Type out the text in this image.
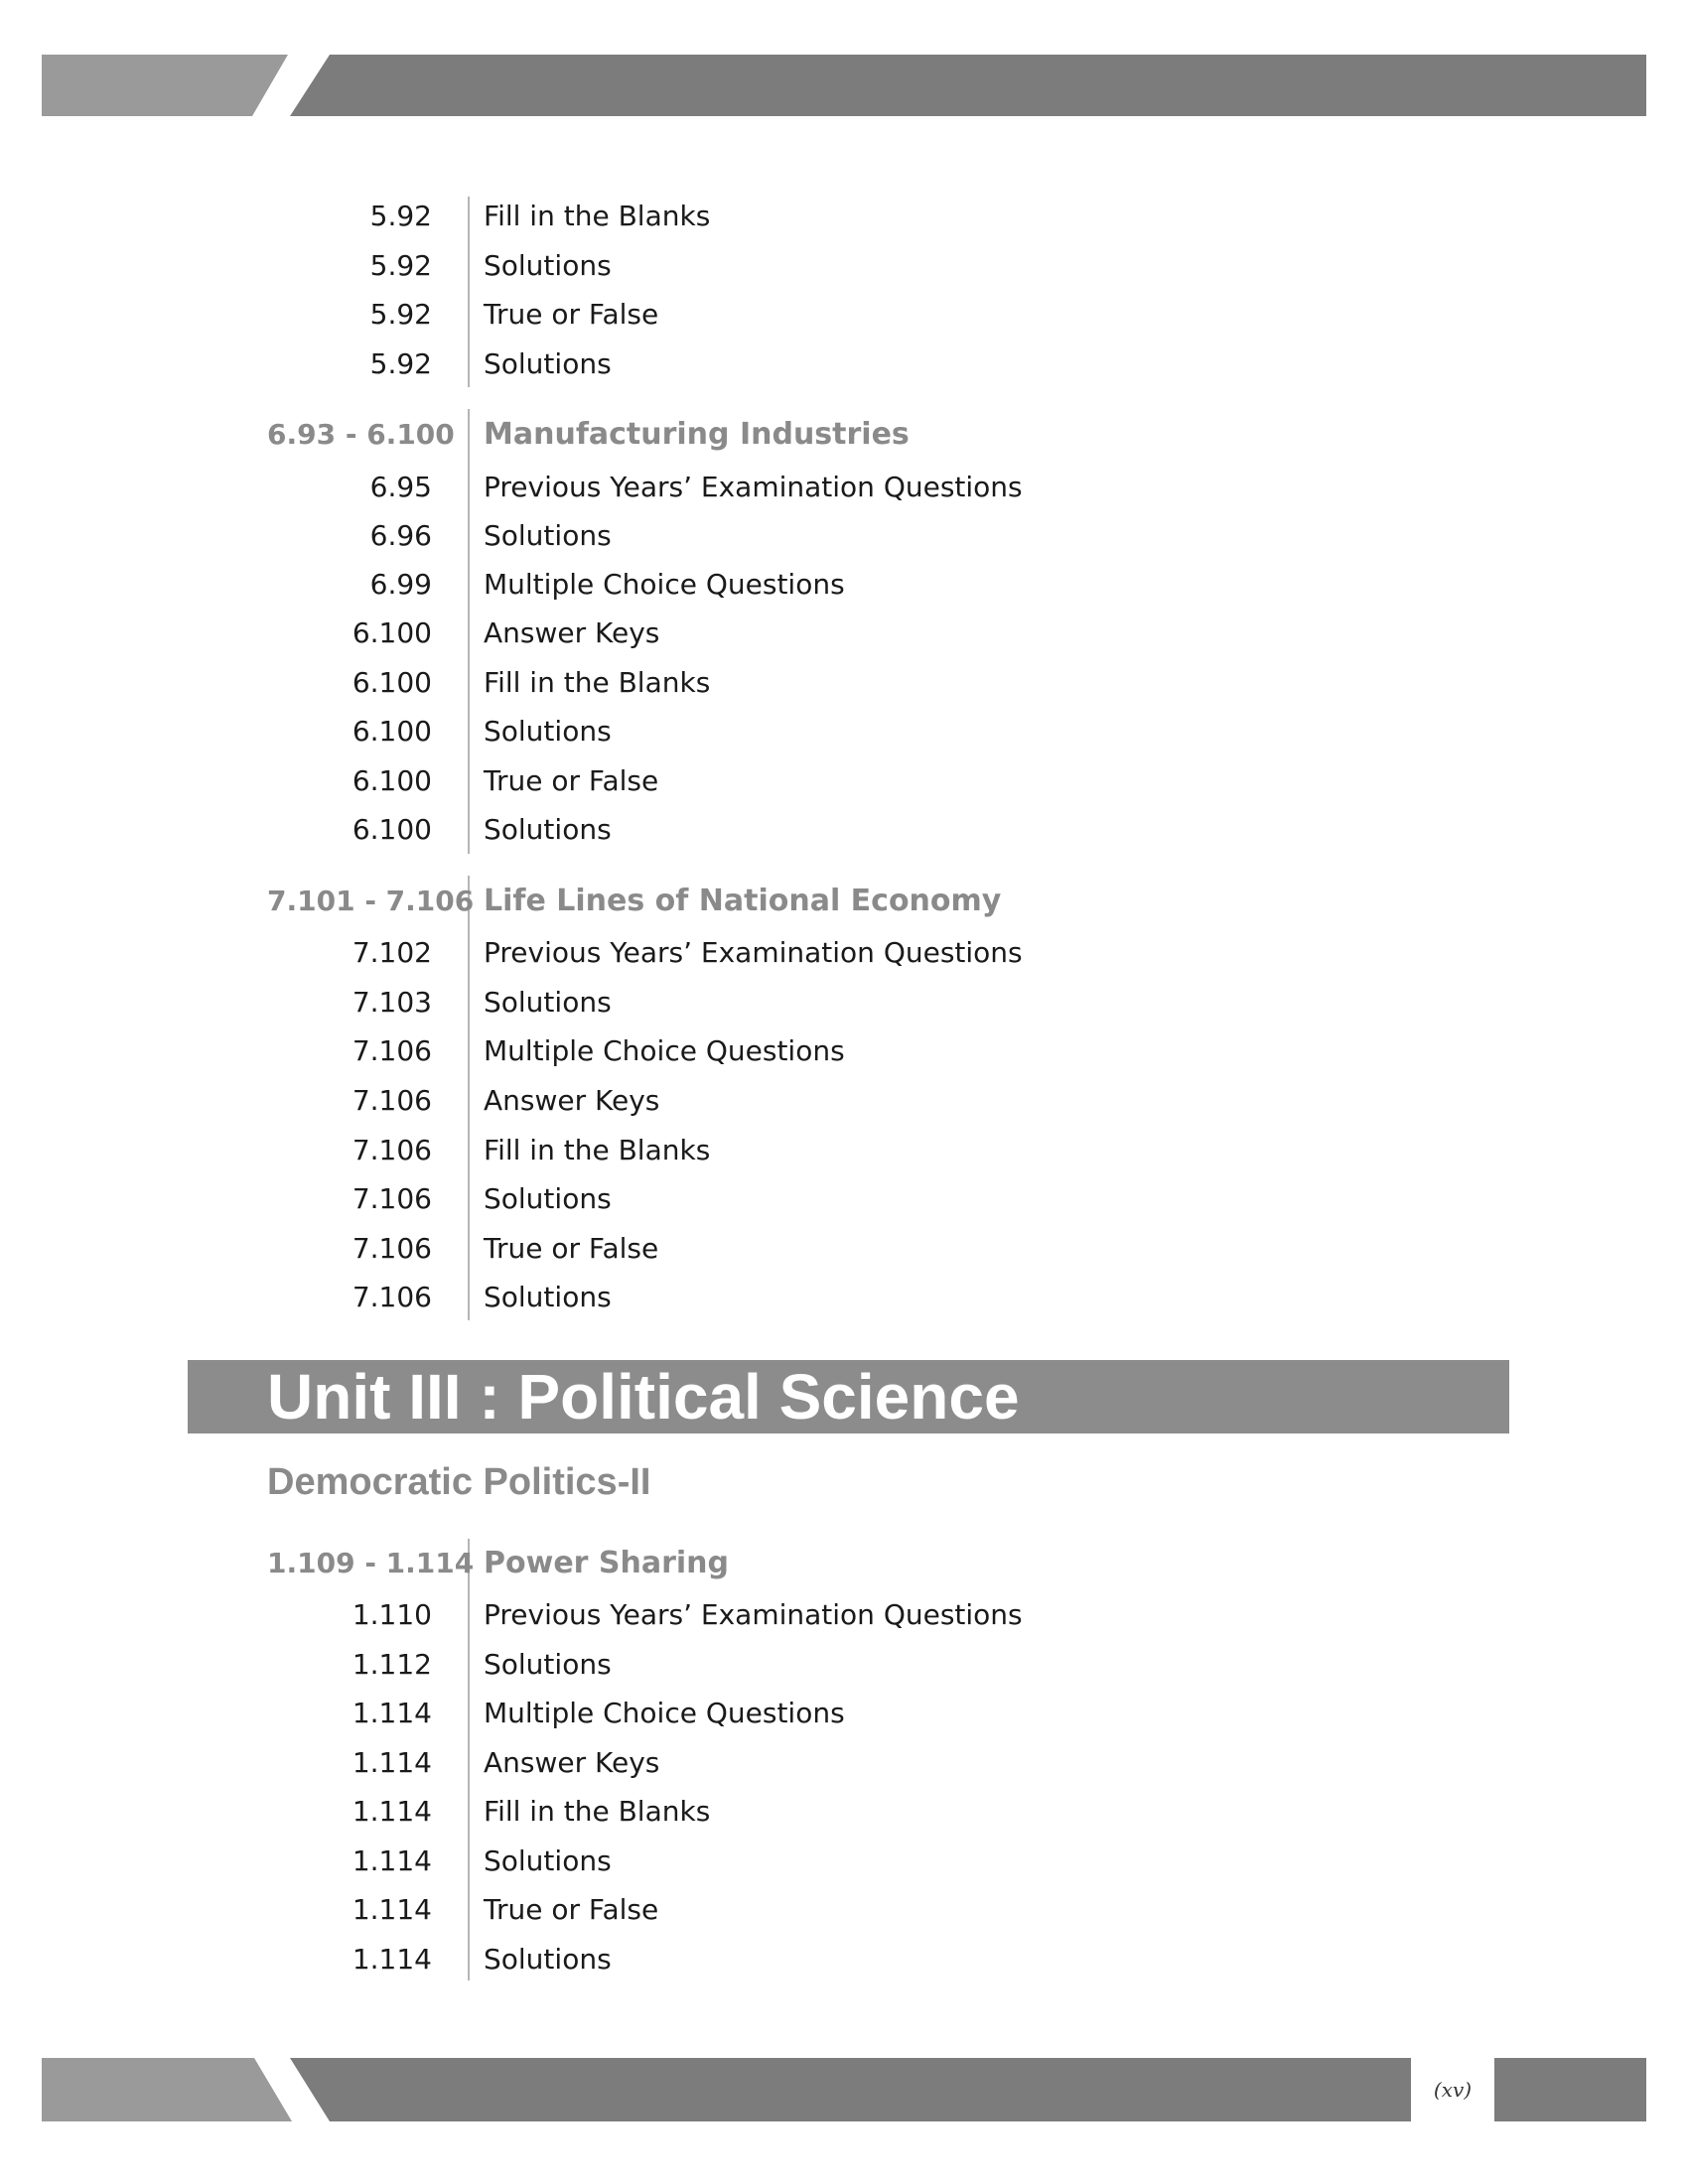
5.92 Fill in the Blanks
5.92 Solutions
5.92 True or False
5.92 Solutions
6.93 - 6.100 Manufacturing Industries
6.95 Previous Years’ Examination Questions
6.96 Solutions
6.99 Multiple Choice Questions
6.100 Answer Keys
6.100 Fill in the Blanks
6.100 Solutions
6.100 True or False
6.100 Solutions
7.101 - 7.106 Life Lines of National Economy
7.102 Previous Years’ Examination Questions
7.103 Solutions
7.106 Multiple Choice Questions
7.106 Answer Keys
7.106 Fill in the Blanks
7.106 Solutions
7.106 True or False
7.106 Solutions
Unit III : Political Science
Democratic Politics-II
1.109 - 1.114 Power Sharing
1.110 Previous Years’ Examination Questions
1.112 Solutions
1.114 Multiple Choice Questions
1.114 Answer Keys
1.114 Fill in the Blanks
1.114 Solutions
1.114 True or False
1.114 Solutions
(xv)
